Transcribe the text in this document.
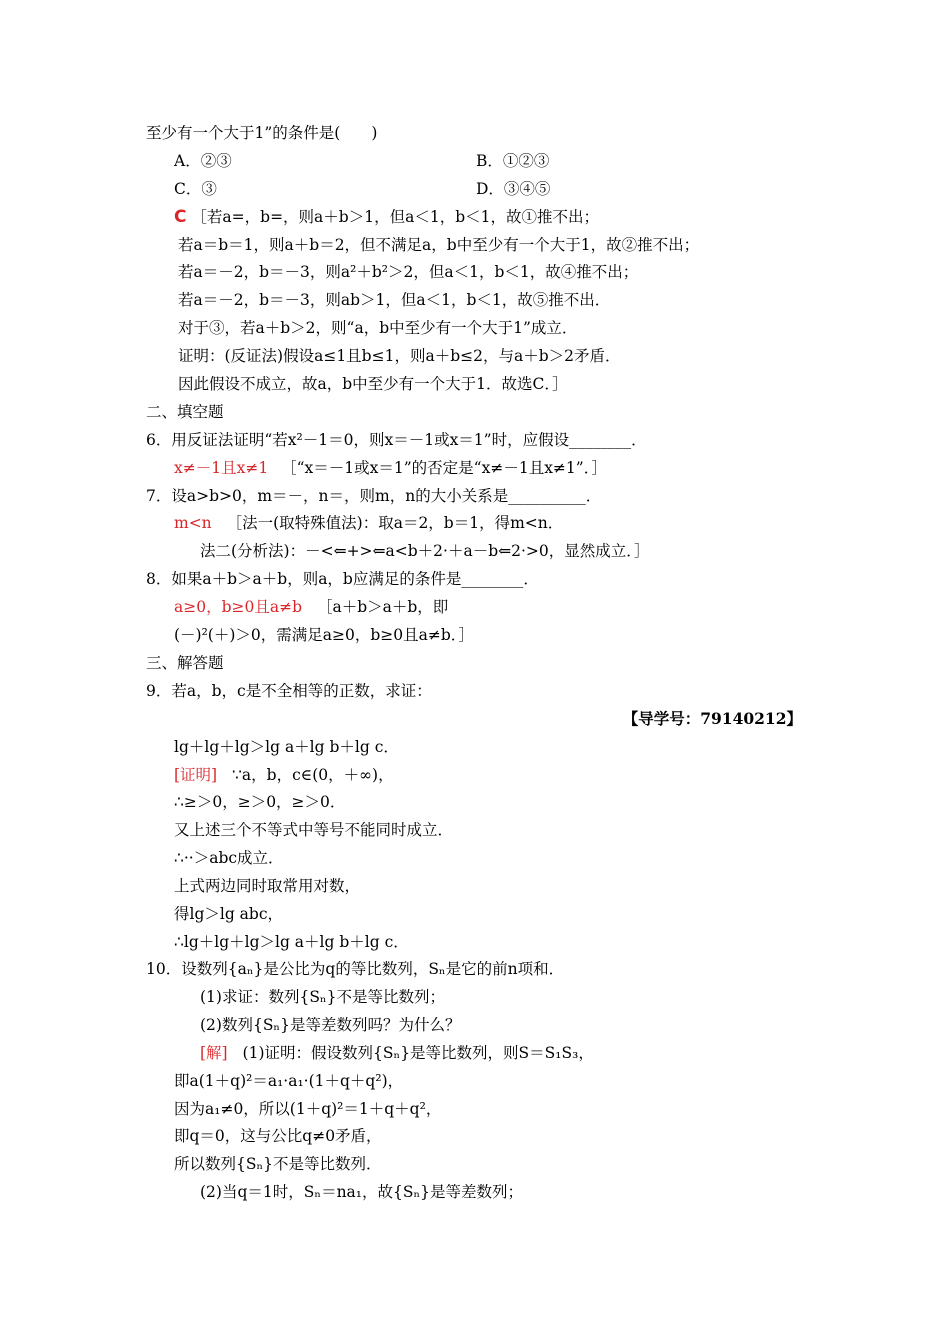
至少有一个大于1”的条件是(　　)
A．②③	B．①②③
C．③	D．③④⑤
C ［若a=，b=，则a＋b＞1，但a＜1，b＜1，故①推不出；
若a＝b＝1，则a＋b＝2，但不满足a，b中至少有一个大于1，故②推不出；
若a＝－2，b＝－3，则a²＋b²＞2，但a＜1，b＜1，故④推不出；
若a＝－2，b＝－3，则ab＞1，但a＜1，b＜1，故⑤推不出．
对于③，若a＋b＞2，则“a，b中至少有一个大于1”成立．
证明：(反证法)假设a≤1且b≤1，则a＋b≤2，与a＋b＞2矛盾．
因此假设不成立，故a，b中至少有一个大于1．故选C．］
二、填空题
6．用反证法证明“若x²－1＝0，则x＝－1或x＝1”时，应假设________．
x≠－1且x≠1 ［“x＝－1或x＝1”的否定是“x≠－1且x≠1”．］
7．设a>b>0，m＝－，n＝，则m，n的大小关系是__________．
m<n ［法一(取特殊值法)：取a＝2，b＝1，得m<n．
法二(分析法)：－<⇐+>⇐a<b＋2·＋a－b⇐2·>0，显然成立．］
8．如果a＋b＞a＋b，则a，b应满足的条件是________．
a≥0，b≥0且a≠b ［a＋b＞a＋b，即
(－)²(＋)＞0，需满足a≥0，b≥0且a≠b．］
三、解答题
9．若a，b，c是不全相等的正数，求证：
【导学号：79140212】
lg＋lg＋lg＞lg a＋lg b＋lg c．
[证明] ∵a，b，c∈(0，＋∞)，
∴≥＞0，≥＞0，≥＞0．
又上述三个不等式中等号不能同时成立．
∴··＞abc成立．
上式两边同时取常用对数，
得lg＞lg abc，
∴lg＋lg＋lg＞lg a＋lg b＋lg c．
10．设数列{aₙ}是公比为q的等比数列，Sₙ是它的前n项和．
(1)求证：数列{Sₙ}不是等比数列；
(2)数列{Sₙ}是等差数列吗？为什么？
[解] (1)证明：假设数列{Sₙ}是等比数列，则S＝S₁S₃，
即a(1＋q)²＝a₁·a₁·(1＋q＋q²)，
因为a₁≠0，所以(1＋q)²＝1＋q＋q²，
即q＝0，这与公比q≠0矛盾，
所以数列{Sₙ}不是等比数列．
(2)当q＝1时，Sₙ＝na₁，故{Sₙ}是等差数列；
